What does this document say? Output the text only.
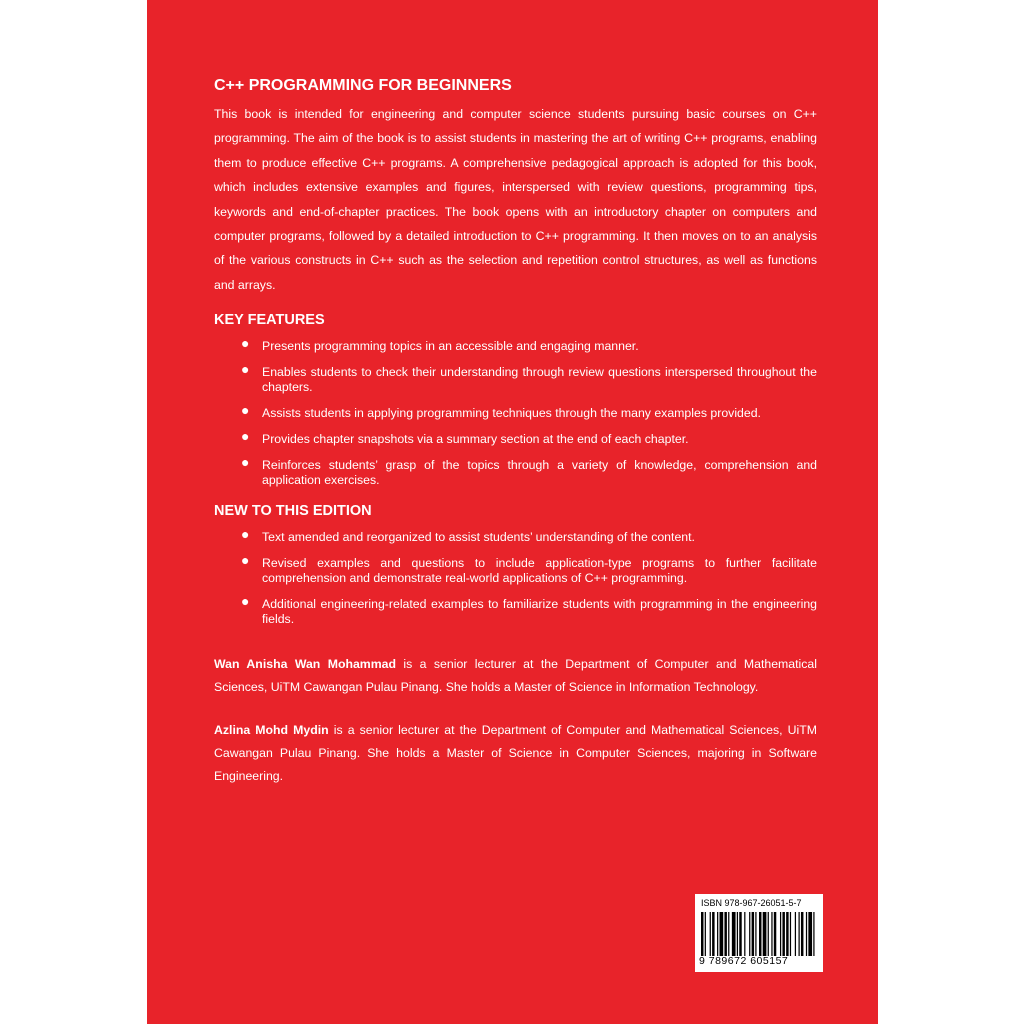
C++ PROGRAMMING FOR BEGINNERS

This book is intended for engineering and computer science students pursuing basic courses on C++ programming. The aim of the book is to assist students in mastering the art of writing C++ programs, enabling them to produce effective C++ programs. A comprehensive pedagogical approach is adopted for this book, which includes extensive examples and figures, interspersed with review questions, programming tips, keywords and end-of-chapter practices. The book opens with an introductory chapter on computers and computer programs, followed by a detailed introduction to C++ programming. It then moves on to an analysis of the various constructs in C++ such as the selection and repetition control structures, as well as functions and arrays.

KEY FEATURES
● Presents programming topics in an accessible and engaging manner.
● Enables students to check their understanding through review questions interspersed throughout the chapters.
● Assists students in applying programming techniques through the many examples provided.
● Provides chapter snapshots via a summary section at the end of each chapter.
● Reinforces students’ grasp of the topics through a variety of knowledge, comprehension and application exercises.
NEW TO THIS EDITION
● Text amended and reorganized to assist students’ understanding of the content.
● Revised examples and questions to include application-type programs to further facilitate comprehension and demonstrate real-world applications of C++ programming.
● Additional engineering-related examples to familiarize students with programming in the engineering fields.

Wan Anisha Wan Mohammad is a senior lecturer at the Department of Computer and Mathematical Sciences, UiTM Cawangan Pulau Pinang. She holds a Master of Science in Information Technology.

Azlina Mohd Mydin is a senior lecturer at the Department of Computer and Mathematical Sciences, UiTM Cawangan Pulau Pinang. She holds a Master of Science in Computer Sciences, majoring in Software Engineering.

ISBN 978-967-26051-5-7
9 789672 605157
